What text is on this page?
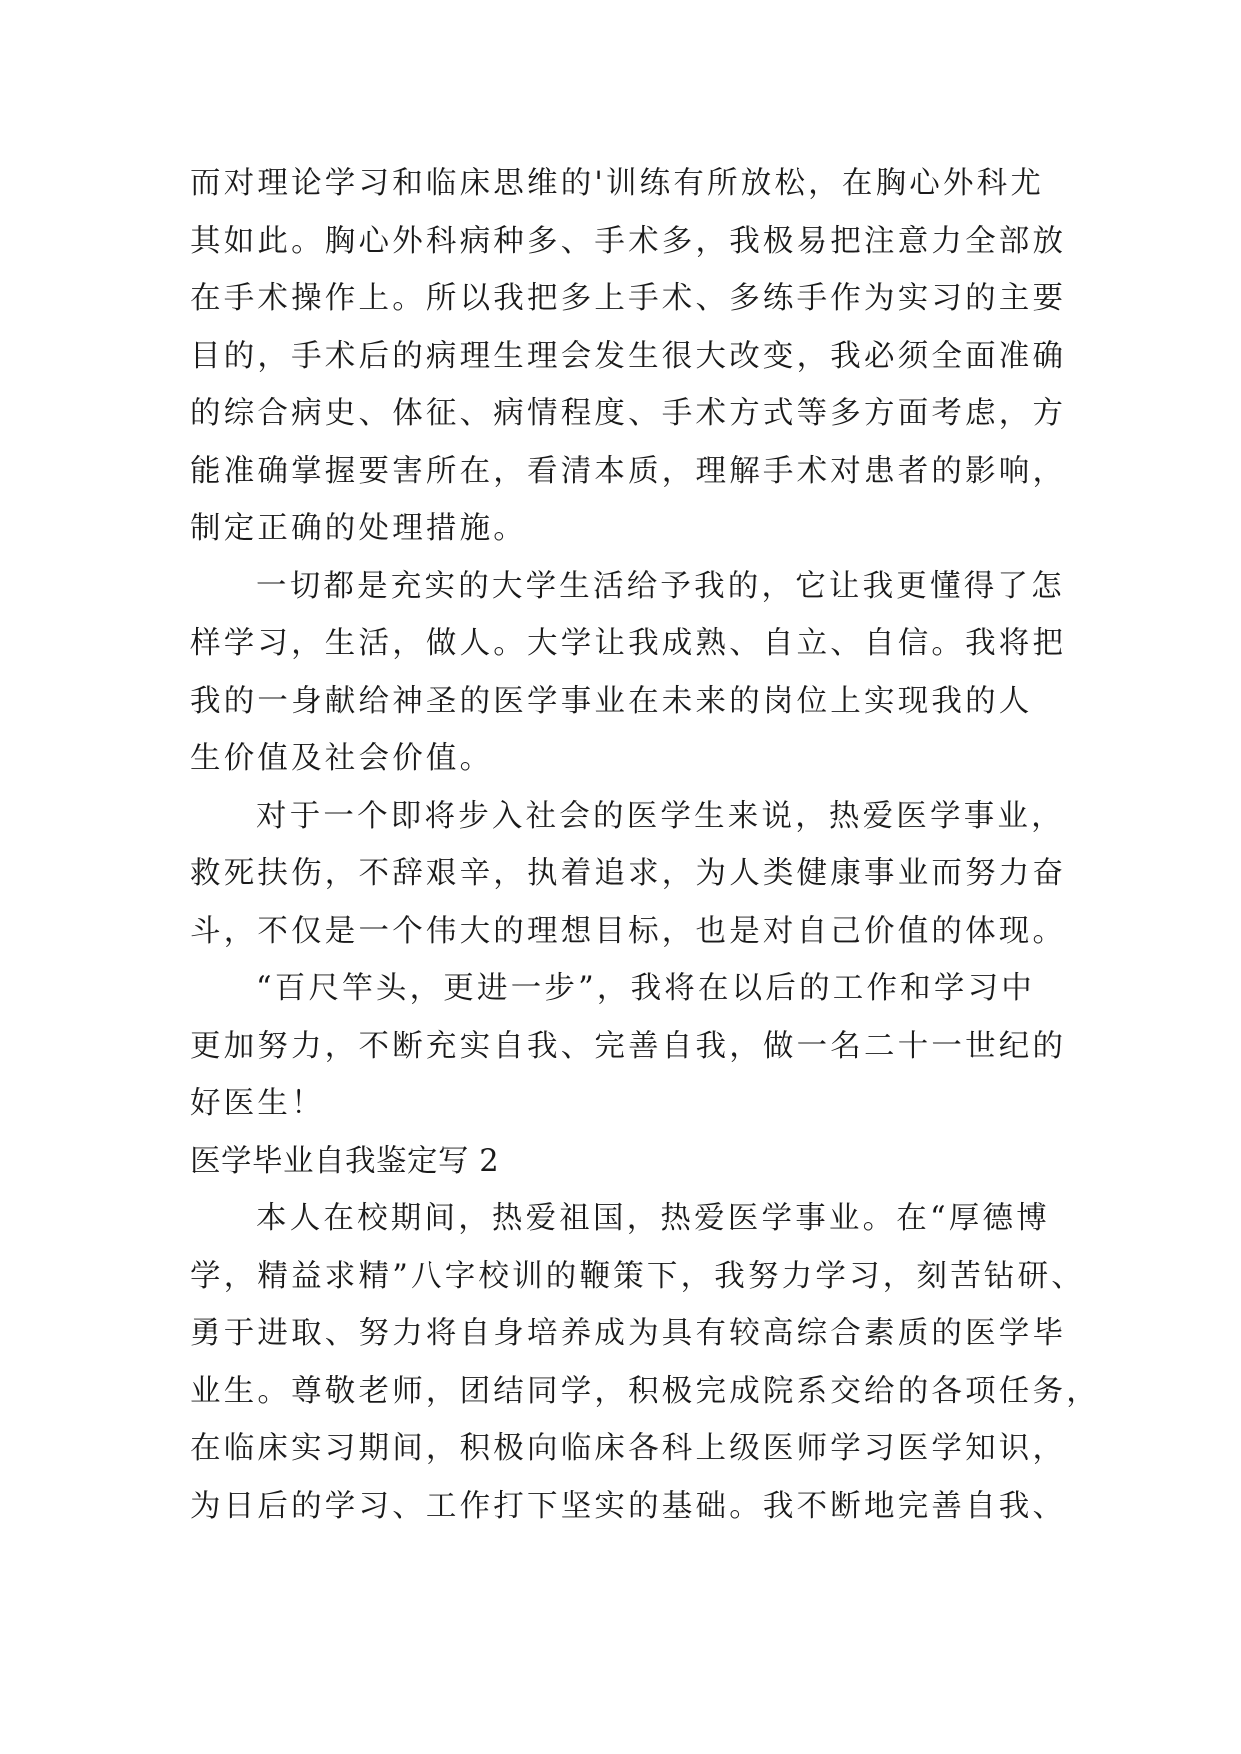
而对理论学习和临床思维的'训练有所放松，在胸心外科尤
其如此。胸心外科病种多、手术多，我极易把注意力全部放
在手术操作上。所以我把多上手术、多练手作为实习的主要
目的，手术后的病理生理会发生很大改变，我必须全面准确
的综合病史、体征、病情程度、手术方式等多方面考虑，方
能准确掌握要害所在，看清本质，理解手术对患者的影响，
制定正确的处理措施。
一切都是充实的大学生活给予我的，它让我更懂得了怎
样学习，生活，做人。大学让我成熟、自立、自信。我将把
我的一身献给神圣的医学事业在未来的岗位上实现我的人
生价值及社会价值。
对于一个即将步入社会的医学生来说，热爱医学事业，
救死扶伤，不辞艰辛，执着追求，为人类健康事业而努力奋
斗，不仅是一个伟大的理想目标，也是对自己价值的体现。
“百尺竿头，更进一步”，我将在以后的工作和学习中
更加努力，不断充实自我、完善自我，做一名二十一世纪的
好医生！
医学毕业自我鉴定写 2
本人在校期间，热爱祖国，热爱医学事业。在“厚德博
学，精益求精”八字校训的鞭策下，我努力学习，刻苦钻研、
勇于进取、努力将自身培养成为具有较高综合素质的医学毕
业生。尊敬老师，团结同学，积极完成院系交给的各项任务，
在临床实习期间，积极向临床各科上级医师学习医学知识，
为日后的学习、工作打下坚实的基础。我不断地完善自我、
